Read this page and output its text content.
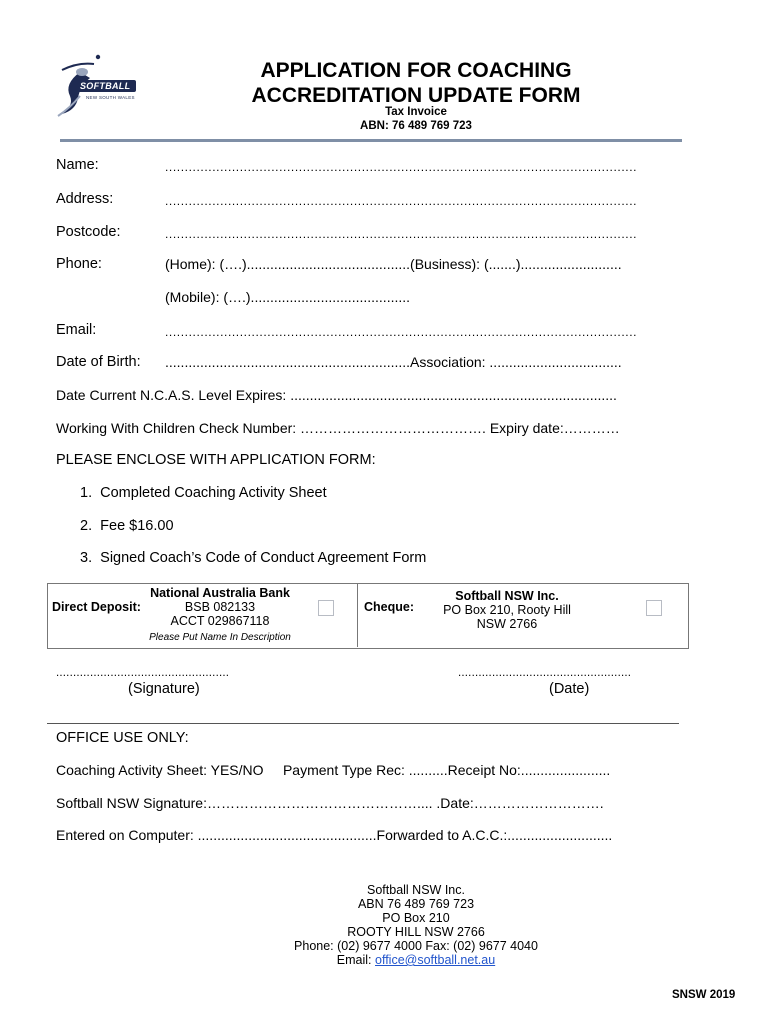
SOFTBALL
NEW SOUTH WALES
APPLICATION FOR COACHING
ACCREDITATION UPDATE FORM
Tax Invoice
ABN: 76 489 769 723
Name:	........................................................................................................................
Address:	........................................................................................................................
Postcode:	........................................................................................................................
Phone:	(Home): (….)..........................................(Business): (.......)..........................
(Mobile): (….).........................................
Email:	........................................................................................................................
Date of Birth: ...............................................................Association: ..................................
Date Current N.C.A.S. Level Expires: ....................................................................................
Working With Children Check Number: …………………………………. Expiry date:…………
PLEASE ENCLOSE WITH APPLICATION FORM:
1.  Completed Coaching Activity Sheet
2.  Fee $16.00
3.  Signed Coach’s Code of Conduct Agreement Form
Direct Deposit:
National Australia Bank
BSB 082133
ACCT 029867118
Please Put Name In Description
Cheque:
Softball NSW Inc.
PO Box 210, Rooty Hill
NSW 2766
...................................................
(Signature)
...................................................
(Date)
OFFICE USE ONLY:
Coaching Activity Sheet: YES/NO     Payment Type Rec: ..........Receipt No:.......................
Softball NSW Signature:……………………………………….... .Date:……………………….
Entered on Computer: ..............................................Forwarded to A.C.C.:...........................
Softball NSW Inc.
ABN 76 489 769 723
PO Box 210
ROOTY HILL NSW 2766
Phone: (02) 9677 4000 Fax: (02) 9677 4040
Email: office@softball.net.au
SNSW 2019
